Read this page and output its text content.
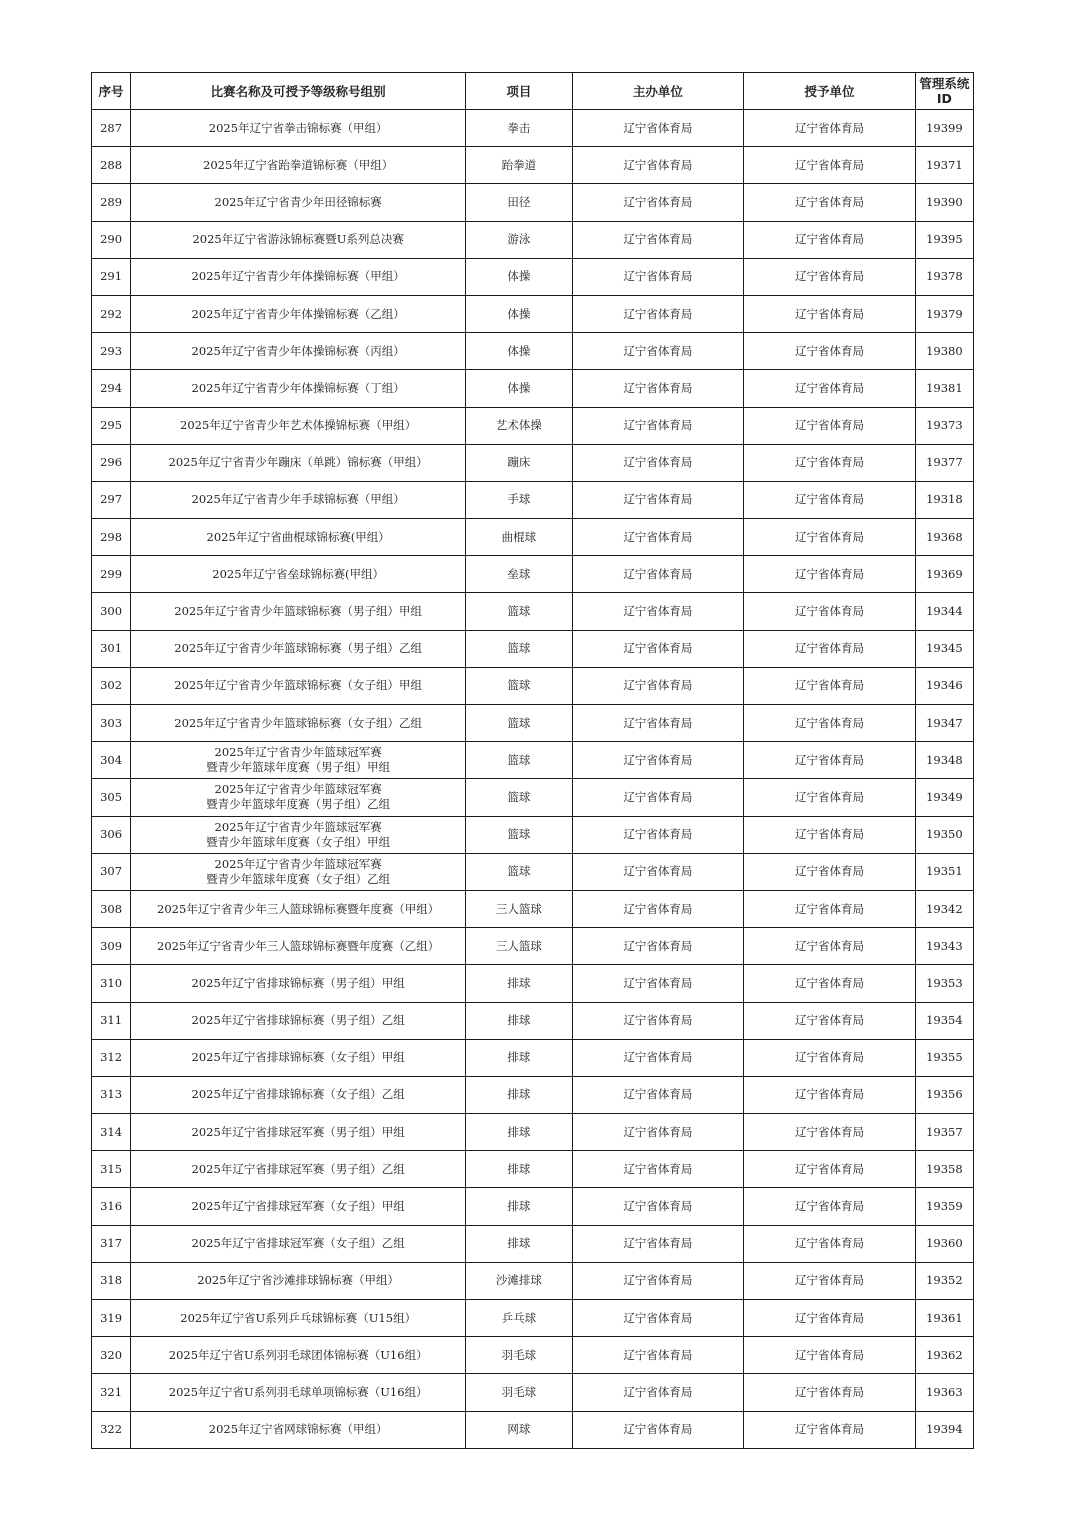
序号	比赛名称及可授予等级称号组别	项目	主办单位	授予单位	管理系统
ID
287	2025年辽宁省拳击锦标赛（甲组）	拳击	辽宁省体育局	辽宁省体育局	19399
288	2025年辽宁省跆拳道锦标赛（甲组）	跆拳道	辽宁省体育局	辽宁省体育局	19371
289	2025年辽宁省青少年田径锦标赛	田径	辽宁省体育局	辽宁省体育局	19390
290	2025年辽宁省游泳锦标赛暨U系列总决赛	游泳	辽宁省体育局	辽宁省体育局	19395
291	2025年辽宁省青少年体操锦标赛（甲组）	体操	辽宁省体育局	辽宁省体育局	19378
292	2025年辽宁省青少年体操锦标赛（乙组）	体操	辽宁省体育局	辽宁省体育局	19379
293	2025年辽宁省青少年体操锦标赛（丙组）	体操	辽宁省体育局	辽宁省体育局	19380
294	2025年辽宁省青少年体操锦标赛（丁组）	体操	辽宁省体育局	辽宁省体育局	19381
295	2025年辽宁省青少年艺术体操锦标赛（甲组）	艺术体操	辽宁省体育局	辽宁省体育局	19373
296	2025年辽宁省青少年蹦床（单跳）锦标赛（甲组）	蹦床	辽宁省体育局	辽宁省体育局	19377
297	2025年辽宁省青少年手球锦标赛（甲组）	手球	辽宁省体育局	辽宁省体育局	19318
298	2025年辽宁省曲棍球锦标赛(甲组）	曲棍球	辽宁省体育局	辽宁省体育局	19368
299	2025年辽宁省垒球锦标赛(甲组）	垒球	辽宁省体育局	辽宁省体育局	19369
300	2025年辽宁省青少年篮球锦标赛（男子组）甲组	篮球	辽宁省体育局	辽宁省体育局	19344
301	2025年辽宁省青少年篮球锦标赛（男子组）乙组	篮球	辽宁省体育局	辽宁省体育局	19345
302	2025年辽宁省青少年篮球锦标赛（女子组）甲组	篮球	辽宁省体育局	辽宁省体育局	19346
303	2025年辽宁省青少年篮球锦标赛（女子组）乙组	篮球	辽宁省体育局	辽宁省体育局	19347
304	2025年辽宁省青少年篮球冠军赛
暨青少年篮球年度赛（男子组）甲组	篮球	辽宁省体育局	辽宁省体育局	19348
305	2025年辽宁省青少年篮球冠军赛
暨青少年篮球年度赛（男子组）乙组	篮球	辽宁省体育局	辽宁省体育局	19349
306	2025年辽宁省青少年篮球冠军赛
暨青少年篮球年度赛（女子组）甲组	篮球	辽宁省体育局	辽宁省体育局	19350
307	2025年辽宁省青少年篮球冠军赛
暨青少年篮球年度赛（女子组）乙组	篮球	辽宁省体育局	辽宁省体育局	19351
308	2025年辽宁省青少年三人篮球锦标赛暨年度赛（甲组）	三人篮球	辽宁省体育局	辽宁省体育局	19342
309	2025年辽宁省青少年三人篮球锦标赛暨年度赛（乙组）	三人篮球	辽宁省体育局	辽宁省体育局	19343
310	2025年辽宁省排球锦标赛（男子组）甲组	排球	辽宁省体育局	辽宁省体育局	19353
311	2025年辽宁省排球锦标赛（男子组）乙组	排球	辽宁省体育局	辽宁省体育局	19354
312	2025年辽宁省排球锦标赛（女子组）甲组	排球	辽宁省体育局	辽宁省体育局	19355
313	2025年辽宁省排球锦标赛（女子组）乙组	排球	辽宁省体育局	辽宁省体育局	19356
314	2025年辽宁省排球冠军赛（男子组）甲组	排球	辽宁省体育局	辽宁省体育局	19357
315	2025年辽宁省排球冠军赛（男子组）乙组	排球	辽宁省体育局	辽宁省体育局	19358
316	2025年辽宁省排球冠军赛（女子组）甲组	排球	辽宁省体育局	辽宁省体育局	19359
317	2025年辽宁省排球冠军赛（女子组）乙组	排球	辽宁省体育局	辽宁省体育局	19360
318	2025年辽宁省沙滩排球锦标赛（甲组）	沙滩排球	辽宁省体育局	辽宁省体育局	19352
319	2025年辽宁省U系列乒乓球锦标赛（U15组）	乒乓球	辽宁省体育局	辽宁省体育局	19361
320	2025年辽宁省U系列羽毛球团体锦标赛（U16组）	羽毛球	辽宁省体育局	辽宁省体育局	19362
321	2025年辽宁省U系列羽毛球单项锦标赛（U16组）	羽毛球	辽宁省体育局	辽宁省体育局	19363
322	2025年辽宁省网球锦标赛（甲组）	网球	辽宁省体育局	辽宁省体育局	19394
